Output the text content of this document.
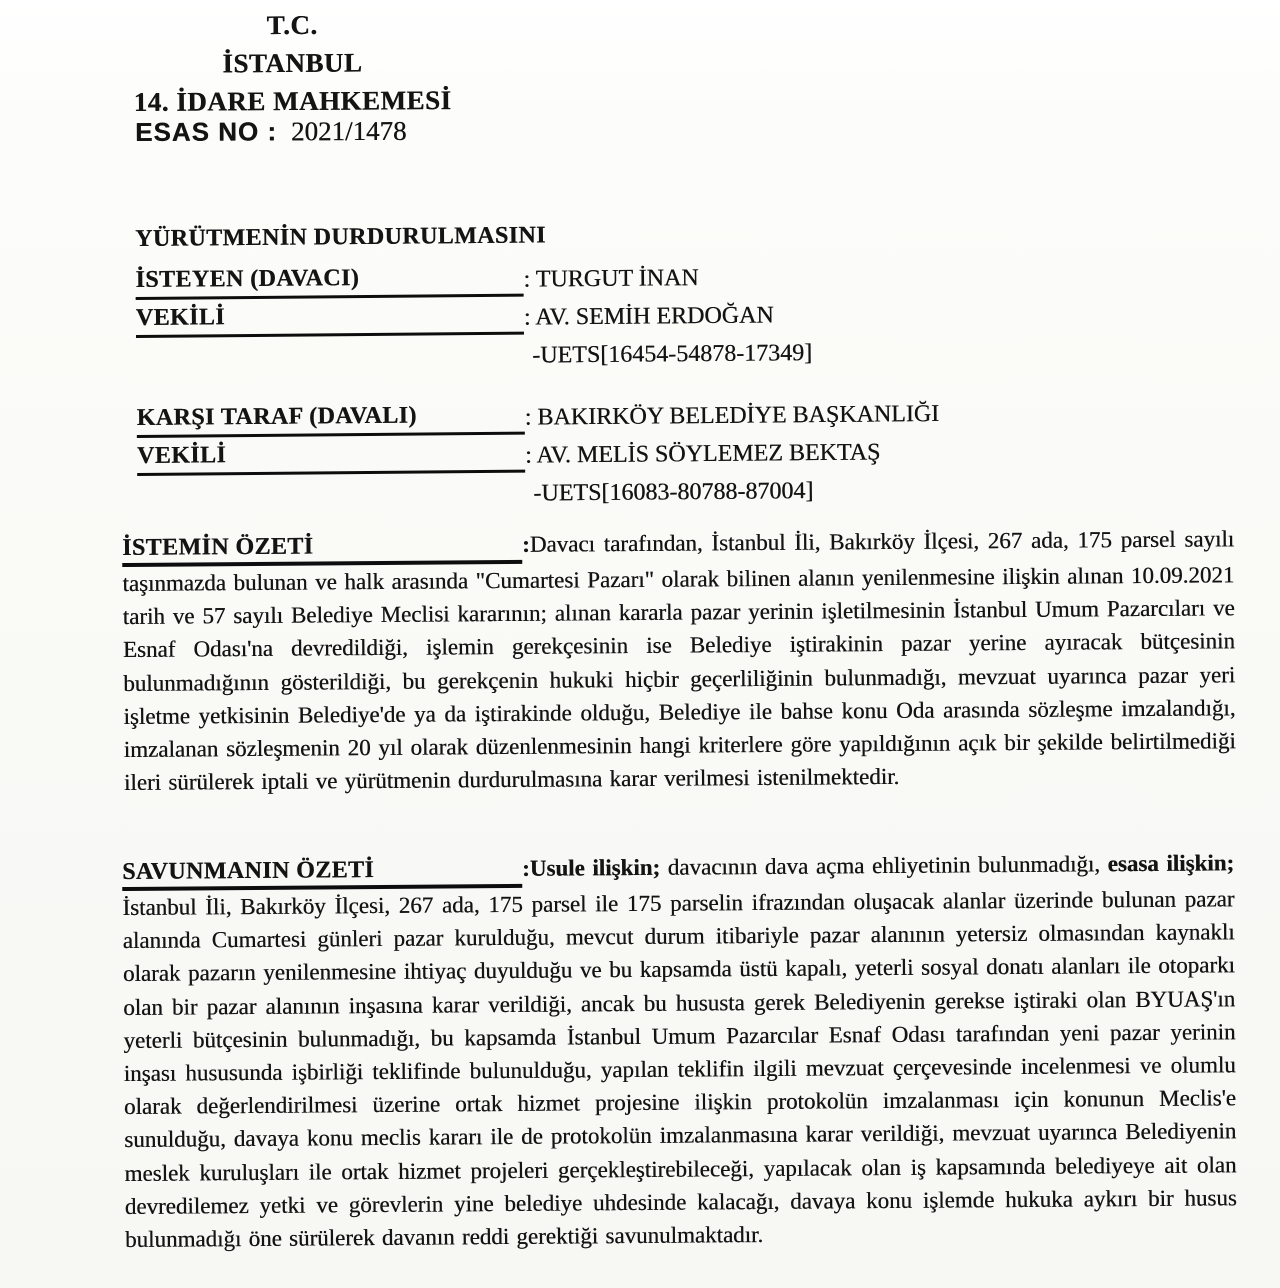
T.C.
İSTANBUL
14. İDARE MAHKEMESİ
ESAS NO : 2021/1478
YÜRÜTMENİN DURDURULMASINI
İSTEYEN (DAVACI)	: TURGUT İNAN
VEKİLİ	: AV. SEMİH ERDOĞAN
-UETS[16454-54878-17349]
KARŞI TARAF (DAVALI)	: BAKIRKÖY BELEDİYE BAŞKANLIĞI
VEKİLİ	: AV. MELİS SÖYLEMEZ BEKTAŞ
-UETS[16083-80788-87004]

İSTEMİN ÖZETİ	:Davacı tarafından, İstanbul İli, Bakırköy İlçesi, 267 ada, 175 parsel sayılı taşınmazda bulunan ve halk arasında "Cumartesi Pazarı" olarak bilinen alanın yenilenmesine ilişkin alınan 10.09.2021 tarih ve 57 sayılı Belediye Meclisi kararının; alınan kararla pazar yerinin işletilmesinin İstanbul Umum Pazarcıları ve Esnaf Odası'na devredildiği, işlemin gerekçesinin ise Belediye iştirakinin pazar yerine ayıracak bütçesinin bulunmadığının gösterildiği, bu gerekçenin hukuki hiçbir geçerliliğinin bulunmadığı, mevzuat uyarınca pazar yeri işletme yetkisinin Belediye'de ya da iştirakinde olduğu, Belediye ile bahse konu Oda arasında sözleşme imzalandığı, imzalanan sözleşmenin 20 yıl olarak düzenlenmesinin hangi kriterlere göre yapıldığının açık bir şekilde belirtilmediği ileri sürülerek iptali ve yürütmenin durdurulmasına karar verilmesi istenilmektedir.

SAVUNMANIN ÖZETİ	:Usule ilişkin; davacının dava açma ehliyetinin bulunmadığı, esasa ilişkin; İstanbul İli, Bakırköy İlçesi, 267 ada, 175 parsel ile 175 parselin ifrazından oluşacak alanlar üzerinde bulunan pazar alanında Cumartesi günleri pazar kurulduğu, mevcut durum itibariyle pazar alanının yetersiz olmasından kaynaklı olarak pazarın yenilenmesine ihtiyaç duyulduğu ve bu kapsamda üstü kapalı, yeterli sosyal donatı alanları ile otoparkı olan bir pazar alanının inşasına karar verildiği, ancak bu hususta gerek Belediyenin gerekse iştiraki olan BYUAŞ'ın yeterli bütçesinin bulunmadığı, bu kapsamda İstanbul Umum Pazarcılar Esnaf Odası tarafından yeni pazar yerinin inşası hususunda işbirliği teklifinde bulunulduğu, yapılan teklifin ilgili mevzuat çerçevesinde incelenmesi ve olumlu olarak değerlendirilmesi üzerine ortak hizmet projesine ilişkin protokolün imzalanması için konunun Meclis'e sunulduğu, davaya konu meclis kararı ile de protokolün imzalanmasına karar verildiği, mevzuat uyarınca Belediyenin meslek kuruluşları ile ortak hizmet projeleri gerçekleştirebileceği, yapılacak olan iş kapsamında belediyeye ait olan devredilemez yetki ve görevlerin yine belediye uhdesinde kalacağı, davaya konu işlemde hukuka aykırı bir husus bulunmadığı öne sürülerek davanın reddi gerektiği savunulmaktadır.
